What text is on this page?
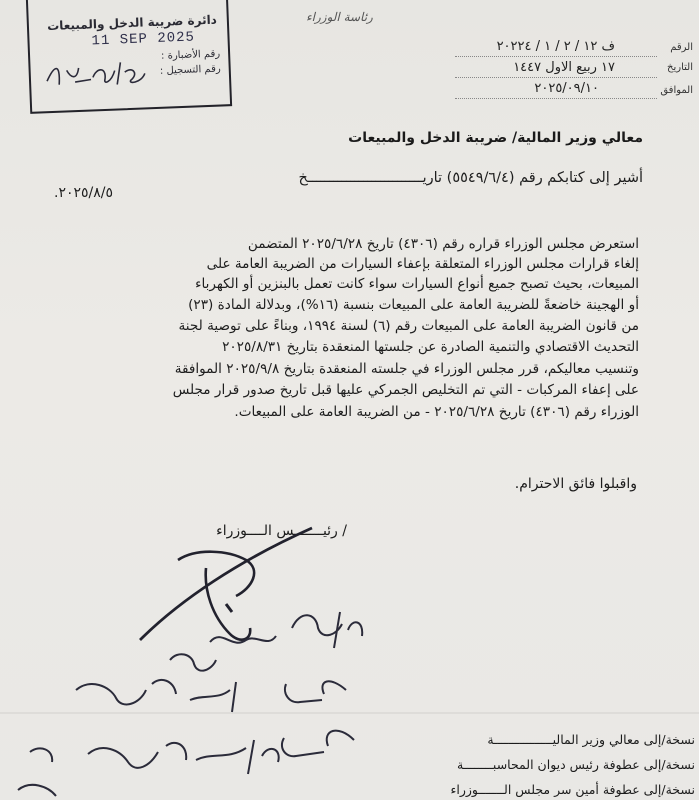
دائرة ضريبة الدخل والمبيعات
11 SEP 2025
رقم الأضبارة :
رقم التسجيل :
رئاسة الوزراء
الرقم
ف ١٢ / ٢ / ١ / ٢٠٢٢٤
التاريخ
١٧ ربيع الاول ١٤٤٧
الموافق
٢٠٢٥/٠٩/١٠
معالي وزير المالية/ ضريبة الدخل والمبيعات
أشير إلى كتابكم رقم (٥٥٤٩/٦/٤) تاريـــــــــــــــــــــــــــخ
٢٠٢٥/٨/٥.
استعرض مجلس الوزراء قراره رقم (٤٣٠٦) تاريخ ٢٠٢٥/٦/٢٨ المتضمن
إلغاء قرارات مجلس الوزراء المتعلقة بإعفاء السيارات من الضريبة العامة على
المبيعات، بحيث تصبح جميع أنواع السيارات سواء كانت تعمل بالبنزين أو الكهرباء
أو الهجينة خاضعةً للضريبة العامة على المبيعات بنسبة (١٦%)، وبدلالة المادة (٢٣)
من قانون الضريبة العامة على المبيعات رقم (٦) لسنة ١٩٩٤، وبناءً على توصية لجنة
التحديث الاقتصادي والتنمية الصادرة عن جلستها المنعقدة بتاريخ ٢٠٢٥/٨/٣١
وتنسيب معاليكم، قرر مجلس الوزراء في جلسته المنعقدة بتاريخ ٢٠٢٥/٩/٨ الموافقة
على إعفاء المركبات - التي تم التخليص الجمركي عليها قبل تاريخ صدور قرار مجلس
الوزراء رقم (٤٣٠٦) تاريخ ٢٠٢٥/٦/٢٨ - من الضريبة العامة على المبيعات.
واقبلوا فائق الاحترام.
/ رئيـــــــس الــــوزراء
نسخة/إلى معالي وزير الماليــــــــــــــــة
نسخة/إلى عطوفة رئيس ديوان المحاسبــــــــة
نسخة/إلى عطوفة أمين سر مجلس الـــــــوزراء
